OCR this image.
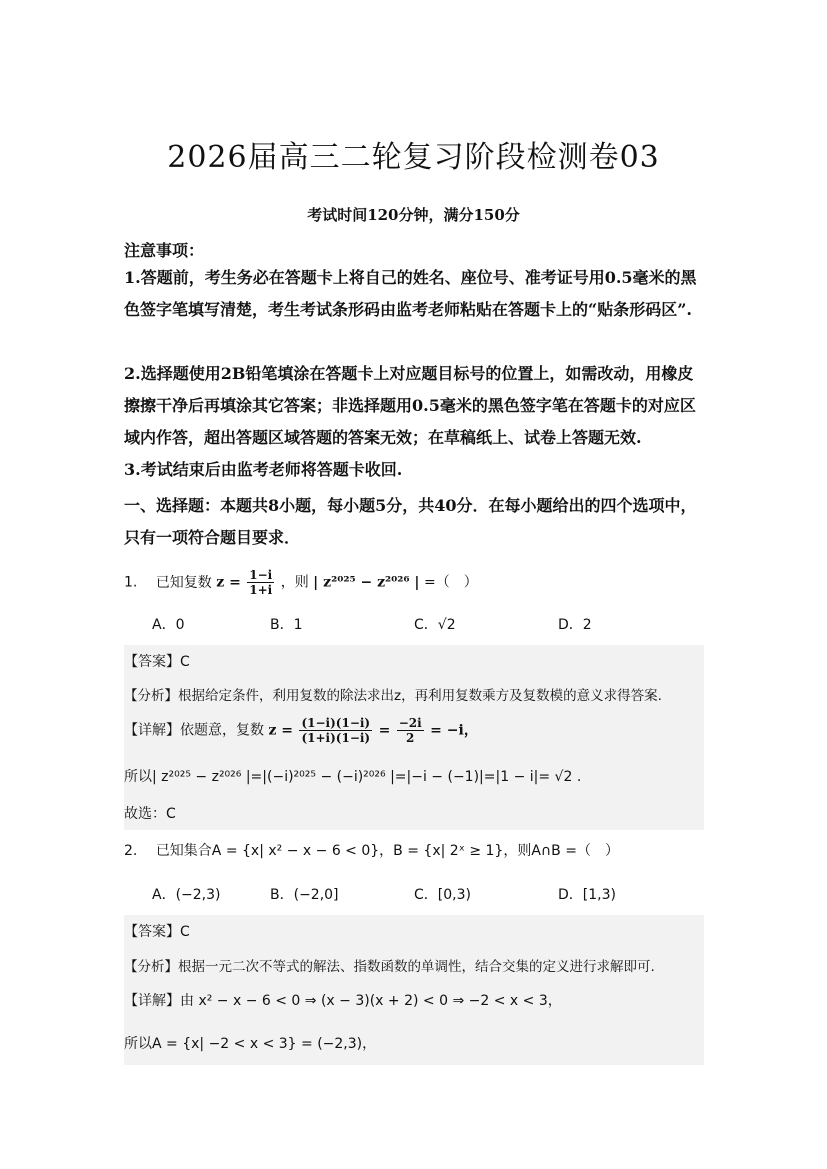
2026届高三二轮复习阶段检测卷03
考试时间120分钟，满分150分
注意事项：
1.答题前，考生务必在答题卡上将自己的姓名、座位号、准考证号用0.5毫米的黑色签字笔填写清楚，考生考试条形码由监考老师粘贴在答题卡上的“贴条形码区”.
2.选择题使用2B铅笔填涂在答题卡上对应题目标号的位置上，如需改动，用橡皮擦擦干净后再填涂其它答案；非选择题用0.5毫米的黑色签字笔在答题卡的对应区域内作答，超出答题区域答题的答案无效；在草稿纸上、试卷上答题无效.
3.考试结束后由监考老师将答题卡收回.
一、选择题：本题共8小题，每小题5分，共40分．在每小题给出的四个选项中，只有一项符合题目要求．
1. 已知复数 $z = \frac{1-i}{1+i}$ ，则 | z²⁰²⁵ − z²⁰²⁶ | =（　）
A．0	B．1	C．√2	D．2
【答案】C
【分析】根据给定条件，利用复数的除法求出z，再利用复数乘方及复数模的意义求得答案.
【详解】依题意，复数 $z = \frac{(1-i)(1-i)}{(1+i)(1-i)} = \frac{-2i}{2} = -i$，
所以| z²⁰²⁵ − z²⁰²⁶ |=|(−i)²⁰²⁵ − (−i)²⁰²⁶ |=|−i − (−1)|=|1 − i|= √2 .
故选：C
2. 已知集合A = {x| x² − x − 6 < 0}，B = {x| 2ˣ ≥ 1}，则A∩B =（　）
A．(−2,3)	B．(−2,0]	C．[0,3)	D．[1,3)
【答案】C
【分析】根据一元二次不等式的解法、指数函数的单调性，结合交集的定义进行求解即可.
【详解】由 x² − x − 6 < 0 ⇒ (x − 3)(x + 2) < 0 ⇒ −2 < x < 3，
所以A = {x| −2 < x < 3} = (−2,3)，
